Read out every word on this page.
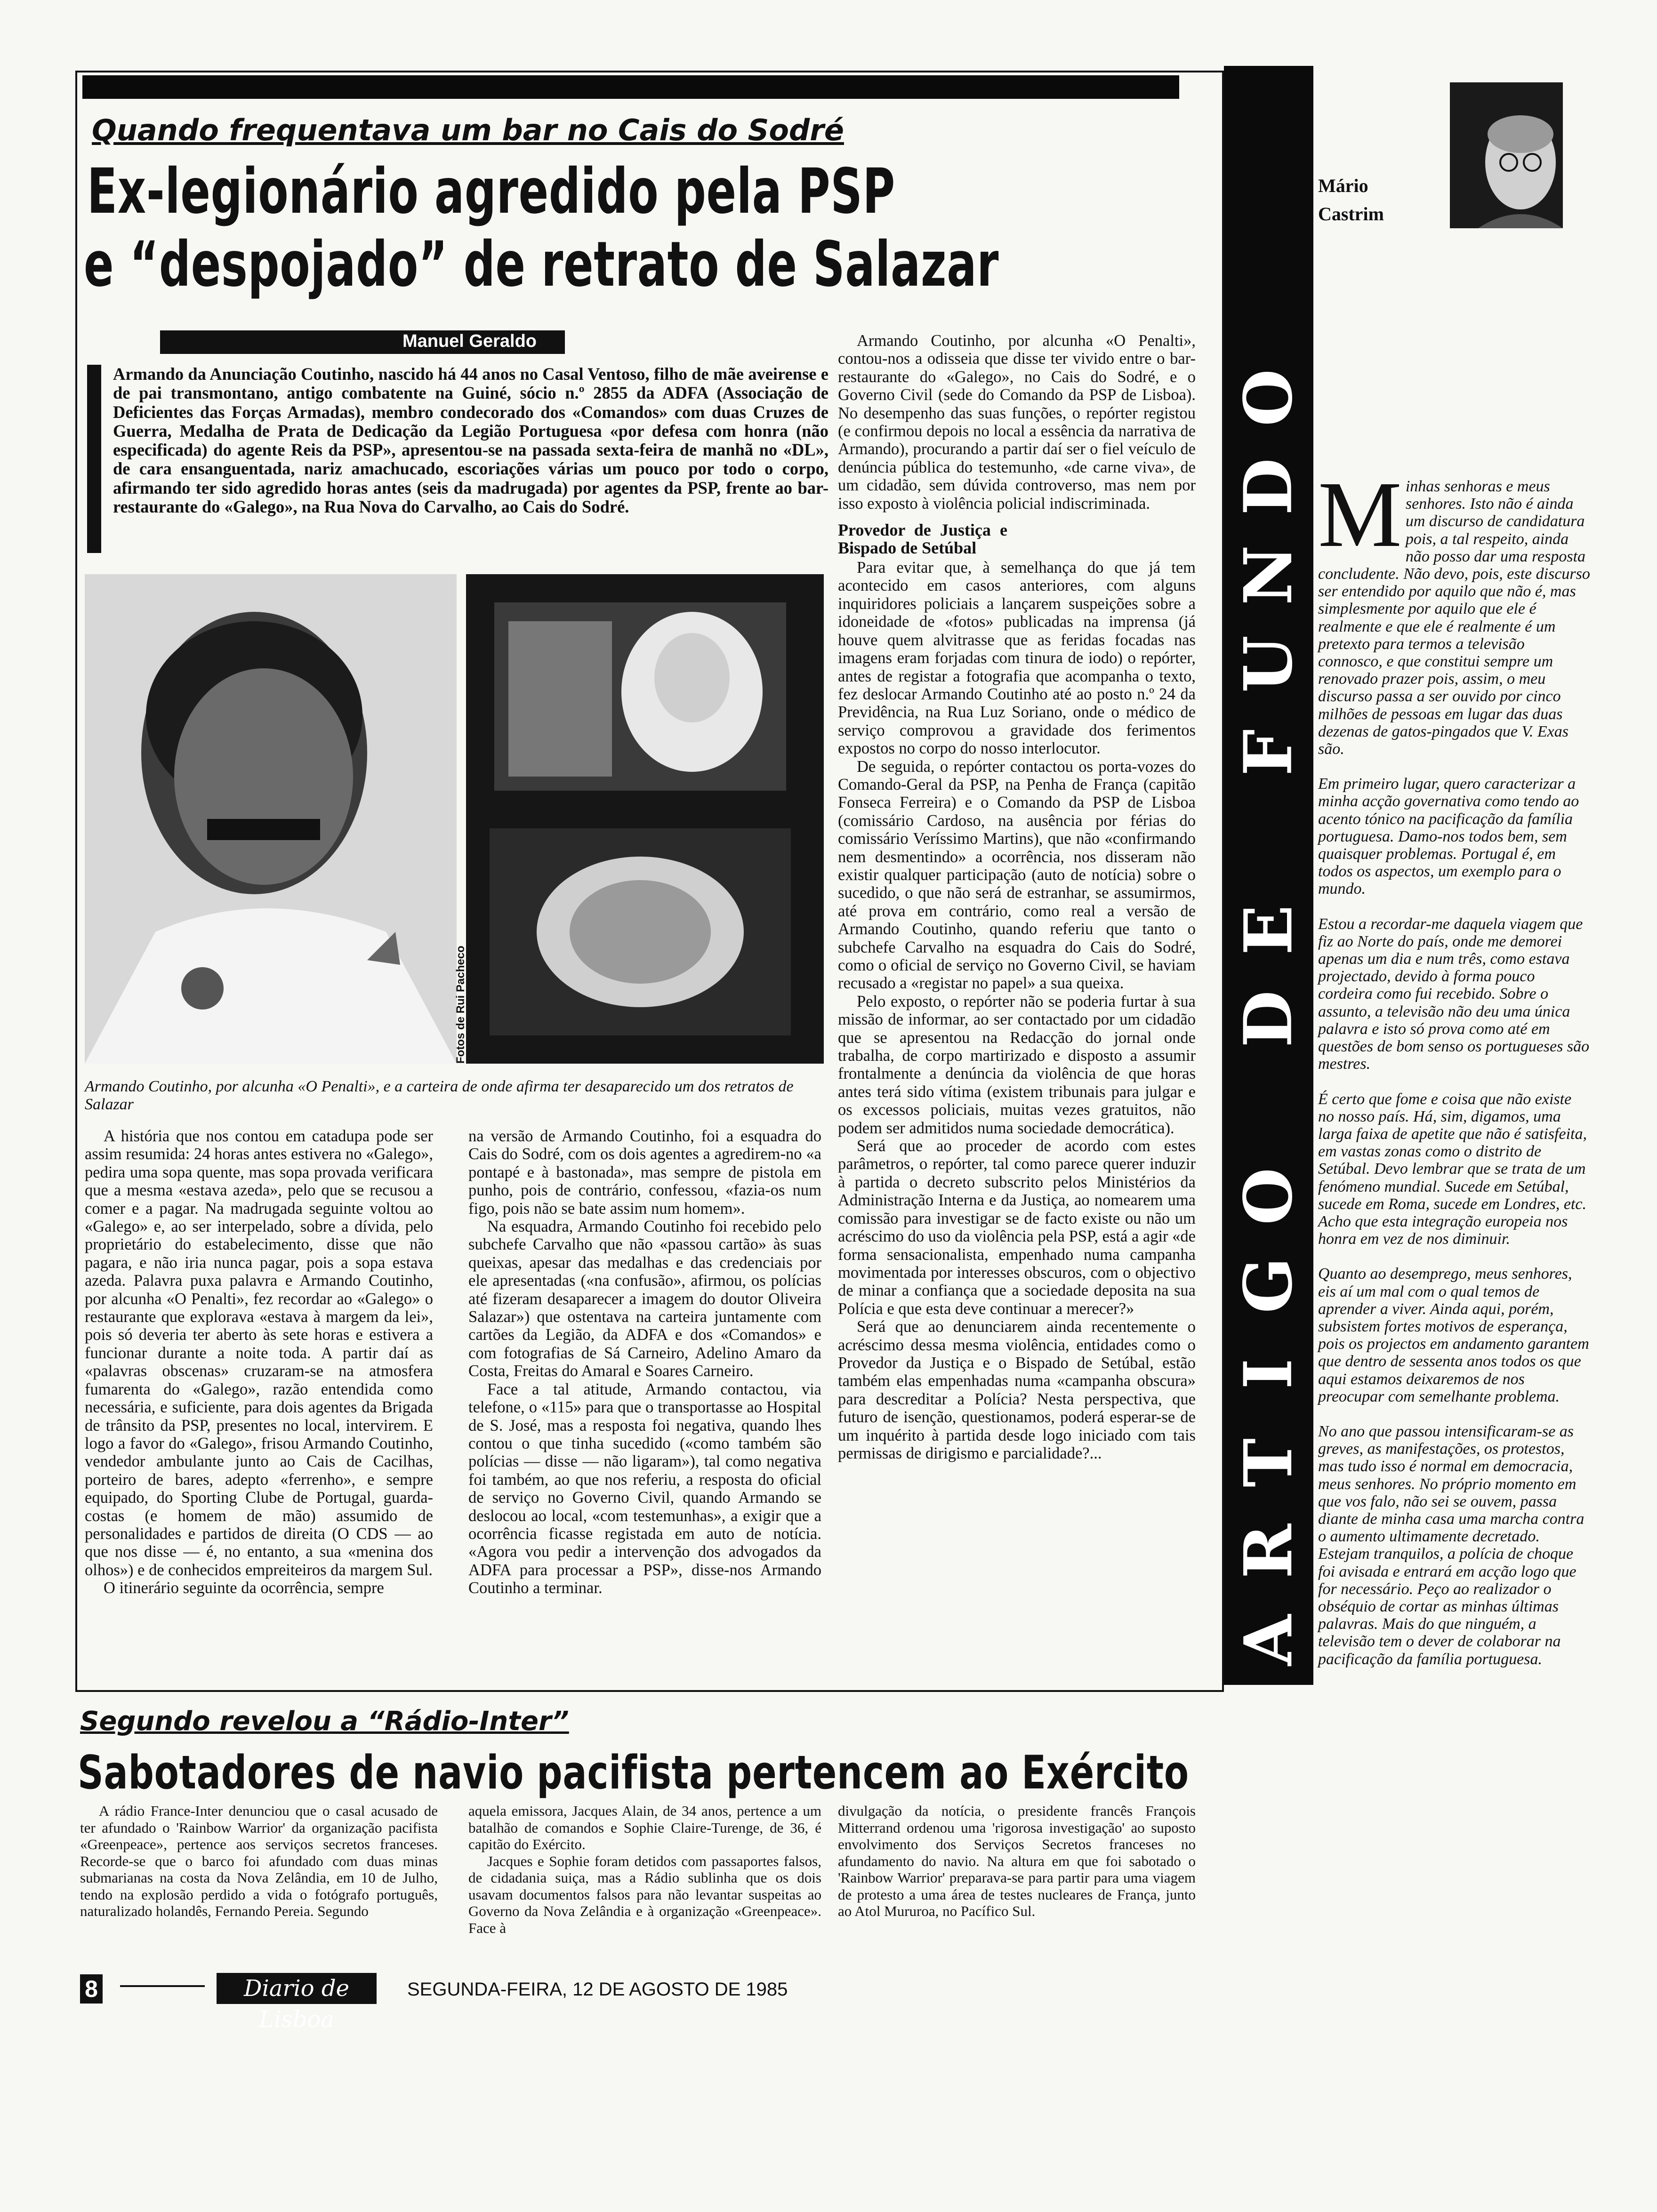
Quando frequentava um bar no Cais do Sodré
Ex-legionário agredido pela PSP
e “despojado” de retrato de Salazar
Manuel Geraldo
Armando da Anunciação Coutinho, nascido há 44 anos no Casal Ventoso, filho de mãe aveirense e de pai transmontano, antigo combatente na Guiné, sócio n.º 2855 da ADFA (Associação de Deficientes das Forças Armadas), membro condecorado dos «Comandos» com duas Cruzes de Guerra, Medalha de Prata de Dedicação da Legião Portuguesa «por defesa com honra (não especificada) do agente Reis da PSP», apresentou-se na passada sexta-feira de manhã no «DL», de cara ensanguentada, nariz amachucado, escoriações várias um pouco por todo o corpo, afirmando ter sido agredido horas antes (seis da madrugada) por agentes da PSP, frente ao bar-restaurante do «Galego», na Rua Nova do Carvalho, ao Cais do Sodré.
Fotos de Rui Pacheco
Armando Coutinho, por alcunha «O Penalti», e a carteira de onde afirma ter desaparecido um dos retratos de Salazar

A história que nos contou em catadupa pode ser assim resumida: 24 horas antes estivera no «Galego», pedira uma sopa quente, mas sopa provada verificara que a mesma «estava azeda», pelo que se recusou a comer e a pagar. Na madrugada seguinte voltou ao «Galego» e, ao ser interpelado, sobre a dívida, pelo proprietário do estabelecimento, disse que não pagara, e não iria nunca pagar, pois a sopa estava azeda. Palavra puxa palavra e Armando Coutinho, por alcunha «O Penalti», fez recordar ao «Galego» o restaurante que explorava «estava à margem da lei», pois só deveria ter aberto às sete horas e estivera a funcionar durante a noite toda. A partir daí as «palavras obscenas» cruzaram-se na atmosfera fumarenta do «Galego», razão entendida como necessária, e suficiente, para dois agentes da Brigada de trânsito da PSP, presentes no local, intervirem. E logo a favor do «Galego», frisou Armando Coutinho, vendedor ambulante junto ao Cais de Cacilhas, porteiro de bares, adepto «ferrenho», e sempre equipado, do Sporting Clube de Portugal, guarda-costas (e homem de mão) assumido de personalidades e partidos de direita (O CDS — ao que nos disse — é, no entanto, a sua «menina dos olhos») e de conhecidos empreiteiros da margem Sul.

O itinerário seguinte da ocorrência, sempre

na versão de Armando Coutinho, foi a esquadra do Cais do Sodré, com os dois agentes a agredirem-no «a pontapé e à bastonada», mas sempre de pistola em punho, pois de contrário, confessou, «fazia-os num figo, pois não se bate assim num homem».

Na esquadra, Armando Coutinho foi recebido pelo subchefe Carvalho que não «passou cartão» às suas queixas, apesar das medalhas e das credenciais por ele apresentadas («na confusão», afirmou, os polícias até fizeram desaparecer a imagem do doutor Oliveira Salazar») que ostentava na carteira juntamente com cartões da Legião, da ADFA e dos «Comandos» e com fotografias de Sá Carneiro, Adelino Amaro da Costa, Freitas do Amaral e Soares Carneiro.

Face a tal atitude, Armando contactou, via telefone, o «115» para que o transportasse ao Hospital de S. José, mas a resposta foi negativa, quando lhes contou o que tinha sucedido («como também são polícias — disse — não ligaram»), tal como negativa foi também, ao que nos referiu, a resposta do oficial de serviço no Governo Civil, quando Armando se deslocou ao local, «com testemunhas», a exigir que a ocorrência ficasse registada em auto de notícia. «Agora vou pedir a intervenção dos advogados da ADFA para processar a PSP», disse-nos Armando Coutinho a terminar.

Armando Coutinho, por alcunha «O Penalti», contou-nos a odisseia que disse ter vivido entre o bar-restaurante do «Galego», no Cais do Sodré, e o Governo Civil (sede do Comando da PSP de Lisboa). No desempenho das suas funções, o repórter registou (e confirmou depois no local a essência da narrativa de Armando), procurando a partir daí ser o fiel veículo de denúncia pública do testemunho, «de carne viva», de um cidadão, sem dúvida controverso, mas nem por isso exposto à violência policial indiscriminada.

Provedor de Justiça e Bispado de Setúbal

Para evitar que, à semelhança do que já tem acontecido em casos anteriores, com alguns inquiridores policiais a lançarem suspeições sobre a idoneidade de «fotos» publicadas na imprensa (já houve quem alvitrasse que as feridas focadas nas imagens eram forjadas com tinura de iodo) o repórter, antes de registar a fotografia que acompanha o texto, fez deslocar Armando Coutinho até ao posto n.º 24 da Previdência, na Rua Luz Soriano, onde o médico de serviço comprovou a gravidade dos ferimentos expostos no corpo do nosso interlocutor.

De seguida, o repórter contactou os porta-vozes do Comando-Geral da PSP, na Penha de França (capitão Fonseca Ferreira) e o Comando da PSP de Lisboa (comissário Cardoso, na ausência por férias do comissário Veríssimo Martins), que não «confirmando nem desmentindo» a ocorrência, nos disseram não existir qualquer participação (auto de notícia) sobre o sucedido, o que não será de estranhar, se assumirmos, até prova em contrário, como real a versão de Armando Coutinho, quando referiu que tanto o subchefe Carvalho na esquadra do Cais do Sodré, como o oficial de serviço no Governo Civil, se haviam recusado a «registar no papel» a sua queixa.

Pelo exposto, o repórter não se poderia furtar à sua missão de informar, ao ser contactado por um cidadão que se apresentou na Redacção do jornal onde trabalha, de corpo martirizado e disposto a assumir frontalmente a denúncia da violência de que horas antes terá sido vítima (existem tribunais para julgar e os excessos policiais, muitas vezes gratuitos, não podem ser admitidos numa sociedade democrática).

Será que ao proceder de acordo com estes parâmetros, o repórter, tal como parece querer induzir à partida o decreto subscrito pelos Ministérios da Administração Interna e da Justiça, ao nomearem uma comissão para investigar se de facto existe ou não um acréscimo do uso da violência pela PSP, está a agir «de forma sensacionalista, empenhado numa campanha movimentada por interesses obscuros, com o objectivo de minar a confiança que a sociedade deposita na sua Polícia e que esta deve continuar a merecer?»

Será que ao denunciarem ainda recentemente o acréscimo dessa mesma violência, entidades como o Provedor da Justiça e o Bispado de Setúbal, estão também elas empenhadas numa «campanha obscura» para descreditar a Polícia? Nesta perspectiva, que futuro de isenção, questionamos, poderá esperar-se de um inquérito à partida desde logo iniciado com tais permissas de dirigismo e parcialidade?...

O
D
N
U
F
E
D
O
G
I
T
R
A
Mário
Castrim

Minhas senhoras e meus senhores. Isto não é ainda um discurso de candidatura pois, a tal respeito, ainda não posso dar uma resposta concludente. Não devo, pois, este discurso ser entendido por aquilo que não é, mas simplesmente por aquilo que ele é realmente e que ele é realmente é um pretexto para termos a televisão connosco, e que constitui sempre um renovado prazer pois, assim, o meu discurso passa a ser ouvido por cinco milhões de pessoas em lugar das duas dezenas de gatos-pingados que V. Exas são.

Em primeiro lugar, quero caracterizar a minha acção governativa como tendo ao acento tónico na pacificação da família portuguesa. Damo-nos todos bem, sem quaisquer problemas. Portugal é, em todos os aspectos, um exemplo para o mundo.

Estou a recordar-me daquela viagem que fiz ao Norte do país, onde me demorei apenas um dia e num três, como estava projectado, devido à forma pouco cordeira como fui recebido. Sobre o assunto, a televisão não deu uma única palavra e isto só prova como até em questões de bom senso os portugueses são mestres.

É certo que fome e coisa que não existe no nosso país. Há, sim, digamos, uma larga faixa de apetite que não é satisfeita, em vastas zonas como o distrito de Setúbal. Devo lembrar que se trata de um fenómeno mundial. Sucede em Setúbal, sucede em Roma, sucede em Londres, etc. Acho que esta integração europeia nos honra em vez de nos diminuir.

Quanto ao desemprego, meus senhores, eis aí um mal com o qual temos de aprender a viver. Ainda aqui, porém, subsistem fortes motivos de esperança, pois os projectos em andamento garantem que dentro de sessenta anos todos os que aqui estamos deixaremos de nos preocupar com semelhante problema.

No ano que passou intensificaram-se as greves, as manifestações, os protestos, mas tudo isso é normal em democracia, meus senhores. No próprio momento em que vos falo, não sei se ouvem, passa diante de minha casa uma marcha contra o aumento ultimamente decretado. Estejam tranquilos, a polícia de choque foi avisada e entrará em acção logo que for necessário. Peço ao realizador o obséquio de cortar as minhas últimas palavras. Mais do que ninguém, a televisão tem o dever de colaborar na pacificação da família portuguesa.

Segundo revelou a “Rádio-Inter”
Sabotadores de navio pacifista pertencem ao Exército

A rádio France-Inter denunciou que o casal acusado de ter afundado o 'Rainbow Warrior' da organização pacifista «Greenpeace», pertence aos serviços secretos franceses. Recorde-se que o barco foi afundado com duas minas submarianas na costa da Nova Zelândia, em 10 de Julho, tendo na explosão perdido a vida o fotógrafo português, naturalizado holandês, Fernando Pereia. Segundo

aquela emissora, Jacques Alain, de 34 anos, pertence a um batalhão de comandos e Sophie Claire-Turenge, de 36, é capitão do Exército.

Jacques e Sophie foram detidos com passaportes falsos, de cidadania suiça, mas a Rádio sublinha que os dois usavam documentos falsos para não levantar suspeitas ao Governo da Nova Zelândia e à organização «Greenpeace». Face à

divulgação da notícia, o presidente francês François Mitterrand ordenou uma 'rigorosa investigação' ao suposto envolvimento dos Serviços Secretos franceses no afundamento do navio. Na altura em que foi sabotado o 'Rainbow Warrior' preparava-se para partir para uma viagem de protesto a uma área de testes nucleares de França, junto ao Atol Mururoa, no Pacífico Sul.

8	Diario de Lisboa
SEGUNDA-FEIRA, 12 DE AGOSTO DE 1985
